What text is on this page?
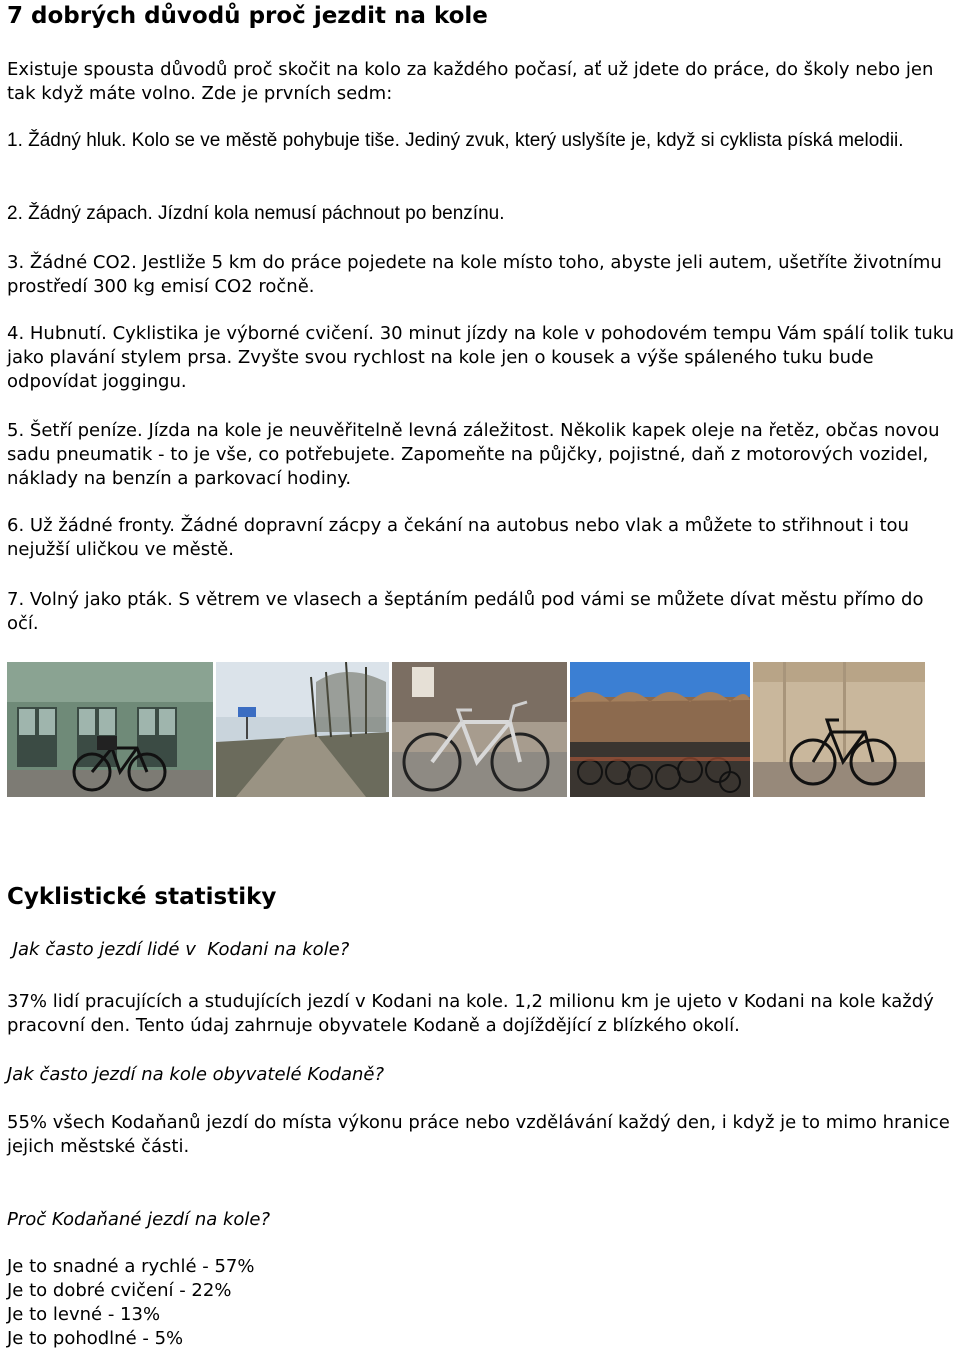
7 dobrých důvodů proč jezdit na kole

Existuje spousta důvodů proč skočit na kolo za každého počasí, ať už jdete do práce, do školy nebo jen tak když máte volno. Zde je prvních sedm:

1. Žádný hluk. Kolo se ve městě pohybuje tiše. Jediný zvuk, který uslyšíte je, když si cyklista píská melodii.

2. Žádný zápach. Jízdní kola nemusí páchnout po benzínu.

3. Žádné CO2. Jestliže 5 km do práce pojedete na kole místo toho, abyste jeli autem, ušetříte životnímu prostředí 300 kg emisí CO2 ročně.

4. Hubnutí. Cyklistika je výborné cvičení. 30 minut jízdy na kole v pohodovém tempu Vám spálí tolik tuku jako plavání stylem prsa. Zvyšte svou rychlost na kole jen o kousek a výše spáleného tuku bude odpovídat joggingu.

5. Šetří peníze. Jízda na kole je neuvěřitelně levná záležitost. Několik kapek oleje na řetěz, občas novou sadu pneumatik - to je vše, co potřebujete. Zapomeňte na půjčky, pojistné, daň z motorových vozidel, náklady na benzín a parkovací hodiny.

6. Už žádné fronty. Žádné dopravní zácpy a čekání na autobus nebo vlak a můžete to střihnout i tou nejužší uličkou ve městě.

7. Volný jako pták. S větrem ve vlasech a šeptáním pedálů pod vámi se můžete dívat městu přímo do očí.

Cyklistické statistiky

Jak často jezdí lidé v  Kodani na kole?

37% lidí pracujících a studujících jezdí v Kodani na kole. 1,2 milionu km je ujeto v Kodani na kole každý pracovní den. Tento údaj zahrnuje obyvatele Kodaně a dojíždějící z blízkého okolí.

Jak často jezdí na kole obyvatelé Kodaně?

55% všech Kodaňanů jezdí do místa výkonu práce nebo vzdělávání každý den, i když je to mimo hranice jejich městské části.

Proč Kodaňané jezdí na kole?

Je to snadné a rychlé - 57%
Je to dobré cvičení - 22%
Je to levné - 13%
Je to pohodlné - 5%
